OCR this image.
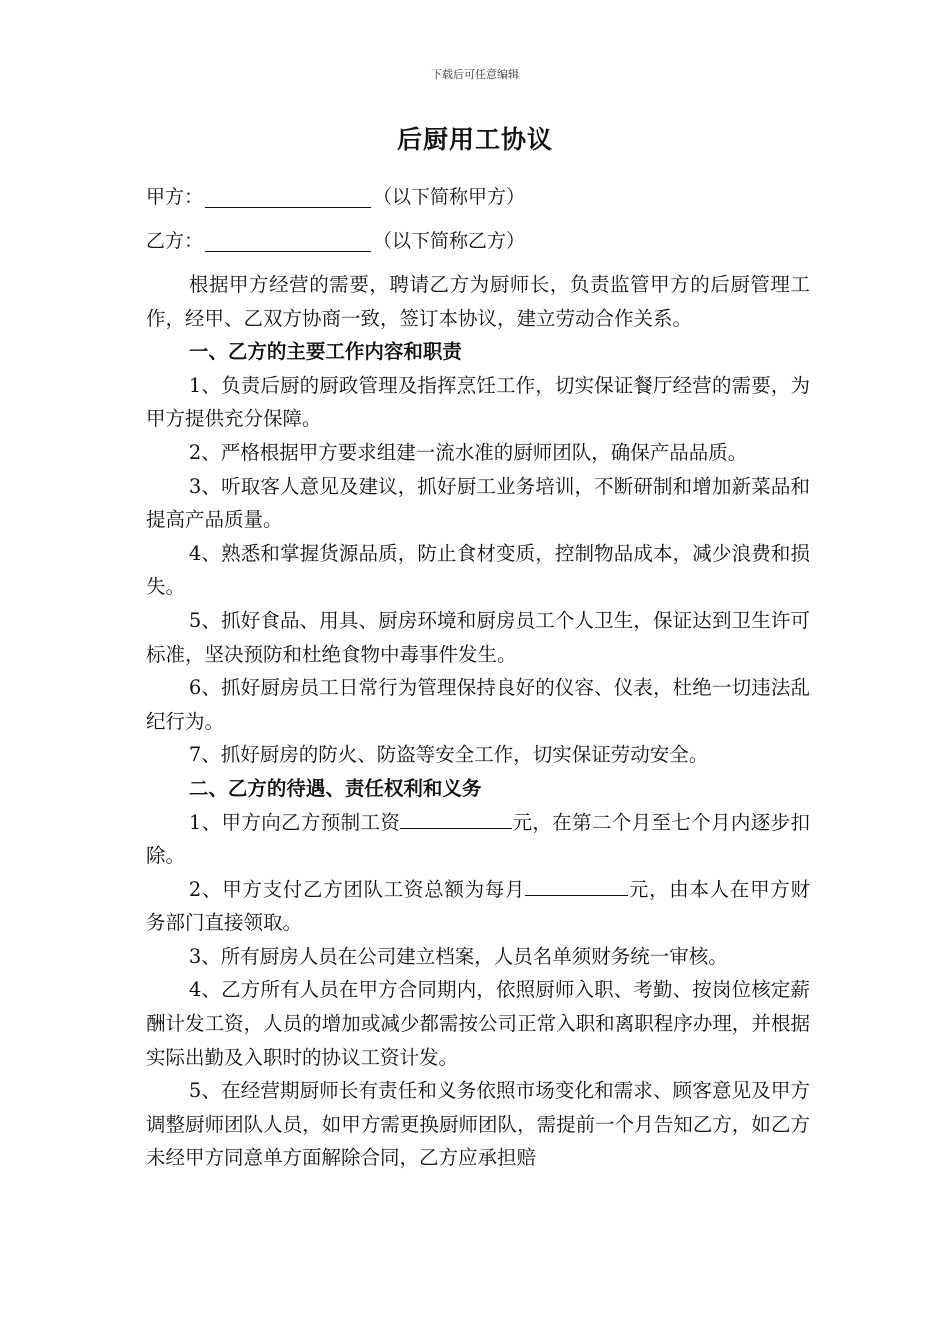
下载后可任意编辑
后厨用工协议
甲方：	（以下简称甲方）
乙方：	（以下简称乙方）

根据甲方经营的需要，聘请乙方为厨师长，负责监管甲方的后厨管理工作，经甲、乙双方协商一致，签订本协议，建立劳动合作关系。

一、乙方的主要工作内容和职责

1、负责后厨的厨政管理及指挥烹饪工作，切实保证餐厅经营的需要，为甲方提供充分保障。

2、严格根据甲方要求组建一流水准的厨师团队，确保产品品质。

3、听取客人意见及建议，抓好厨工业务培训，不断研制和增加新菜品和提高产品质量。

4、熟悉和掌握货源品质，防止食材变质，控制物品成本，减少浪费和损失。

5、抓好食品、用具、厨房环境和厨房员工个人卫生，保证达到卫生许可标准，坚决预防和杜绝食物中毒事件发生。

6、抓好厨房员工日常行为管理保持良好的仪容、仪表，杜绝一切违法乱纪行为。

7、抓好厨房的防火、防盗等安全工作，切实保证劳动安全。

二、乙方的待遇、责任权利和义务

1、甲方向乙方预制工资	元，在第二个月至七个月内逐步扣除。

2、甲方支付乙方团队工资总额为每月	元，由本人在甲方财务部门直接领取。

3、所有厨房人员在公司建立档案，人员名单须财务统一审核。

4、乙方所有人员在甲方合同期内，依照厨师入职、考勤、按岗位核定薪酬计发工资，人员的增加或减少都需按公司正常入职和离职程序办理，并根据实际出勤及入职时的协议工资计发。

5、在经营期厨师长有责任和义务依照市场变化和需求、顾客意见及甲方调整厨师团队人员，如甲方需更换厨师团队，需提前一个月告知乙方，如乙方未经甲方同意单方面解除合同，乙方应承担赔
